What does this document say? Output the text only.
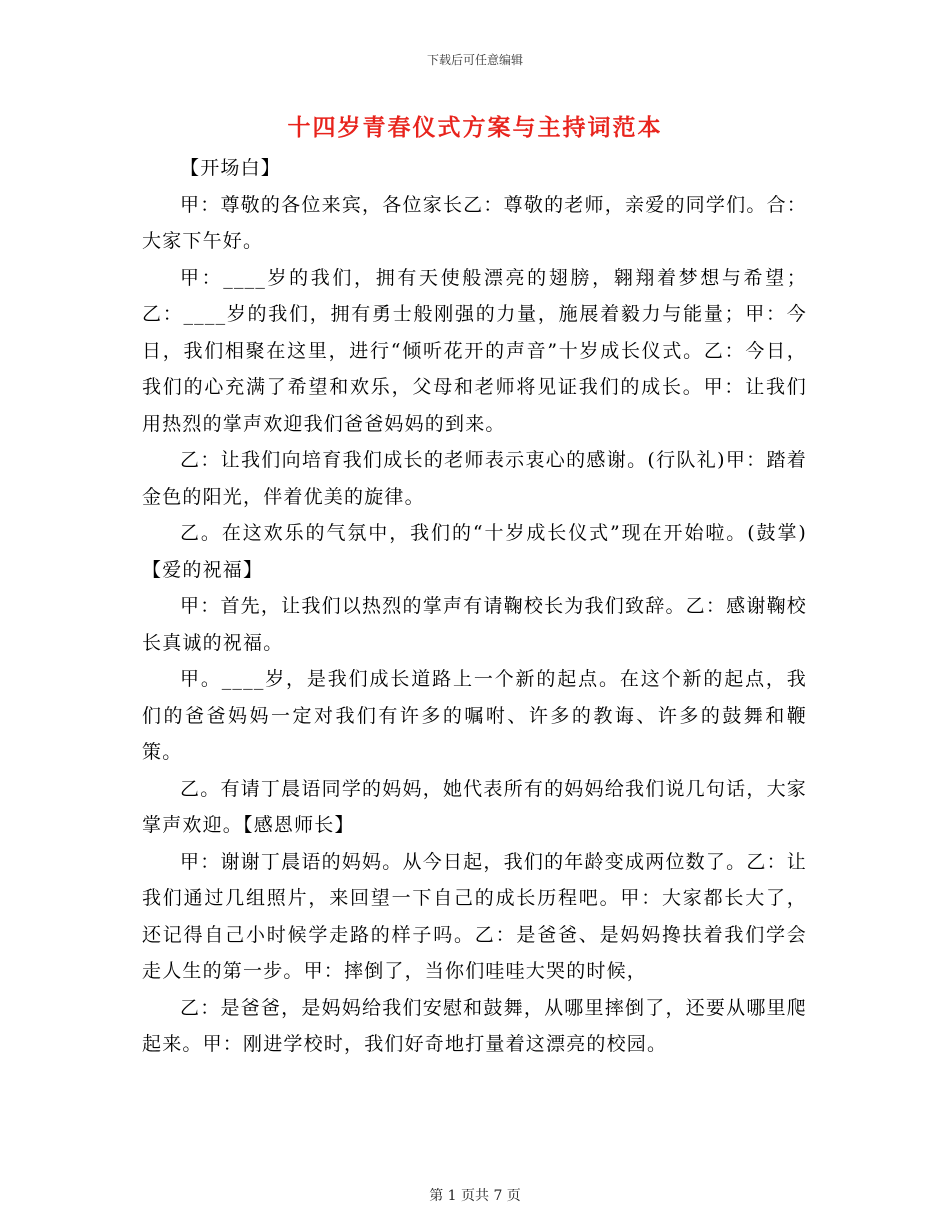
下载后可任意编辑
十四岁青春仪式方案与主持词范本

【开场白】

甲：尊敬的各位来宾，各位家长乙：尊敬的老师，亲爱的同学们。合：大家下午好。

甲：____岁的我们，拥有天使般漂亮的翅膀，翱翔着梦想与希望；乙：____岁的我们，拥有勇士般刚强的力量，施展着毅力与能量；甲：今日，我们相聚在这里，进行“倾听花开的声音”十岁成长仪式。乙：今日，我们的心充满了希望和欢乐，父母和老师将见证我们的成长。甲：让我们用热烈的掌声欢迎我们爸爸妈妈的到来。

乙：让我们向培育我们成长的老师表示衷心的感谢。(行队礼)甲：踏着金色的阳光，伴着优美的旋律。

乙。在这欢乐的气氛中，我们的“十岁成长仪式”现在开始啦。(鼓掌)【爱的祝福】

甲：首先，让我们以热烈的掌声有请鞠校长为我们致辞。乙：感谢鞠校长真诚的祝福。

甲。____岁，是我们成长道路上一个新的起点。在这个新的起点，我们的爸爸妈妈一定对我们有许多的嘱咐、许多的教诲、许多的鼓舞和鞭策。

乙。有请丁晨语同学的妈妈，她代表所有的妈妈给我们说几句话，大家掌声欢迎。【感恩师长】

甲：谢谢丁晨语的妈妈。从今日起，我们的年龄变成两位数了。乙：让我们通过几组照片，来回望一下自己的成长历程吧。甲：大家都长大了，还记得自己小时候学走路的样子吗。乙：是爸爸、是妈妈搀扶着我们学会走人生的第一步。甲：摔倒了，当你们哇哇大哭的时候，

乙：是爸爸，是妈妈给我们安慰和鼓舞，从哪里摔倒了，还要从哪里爬起来。甲：刚进学校时，我们好奇地打量着这漂亮的校园。

第 1 页共 7 页
